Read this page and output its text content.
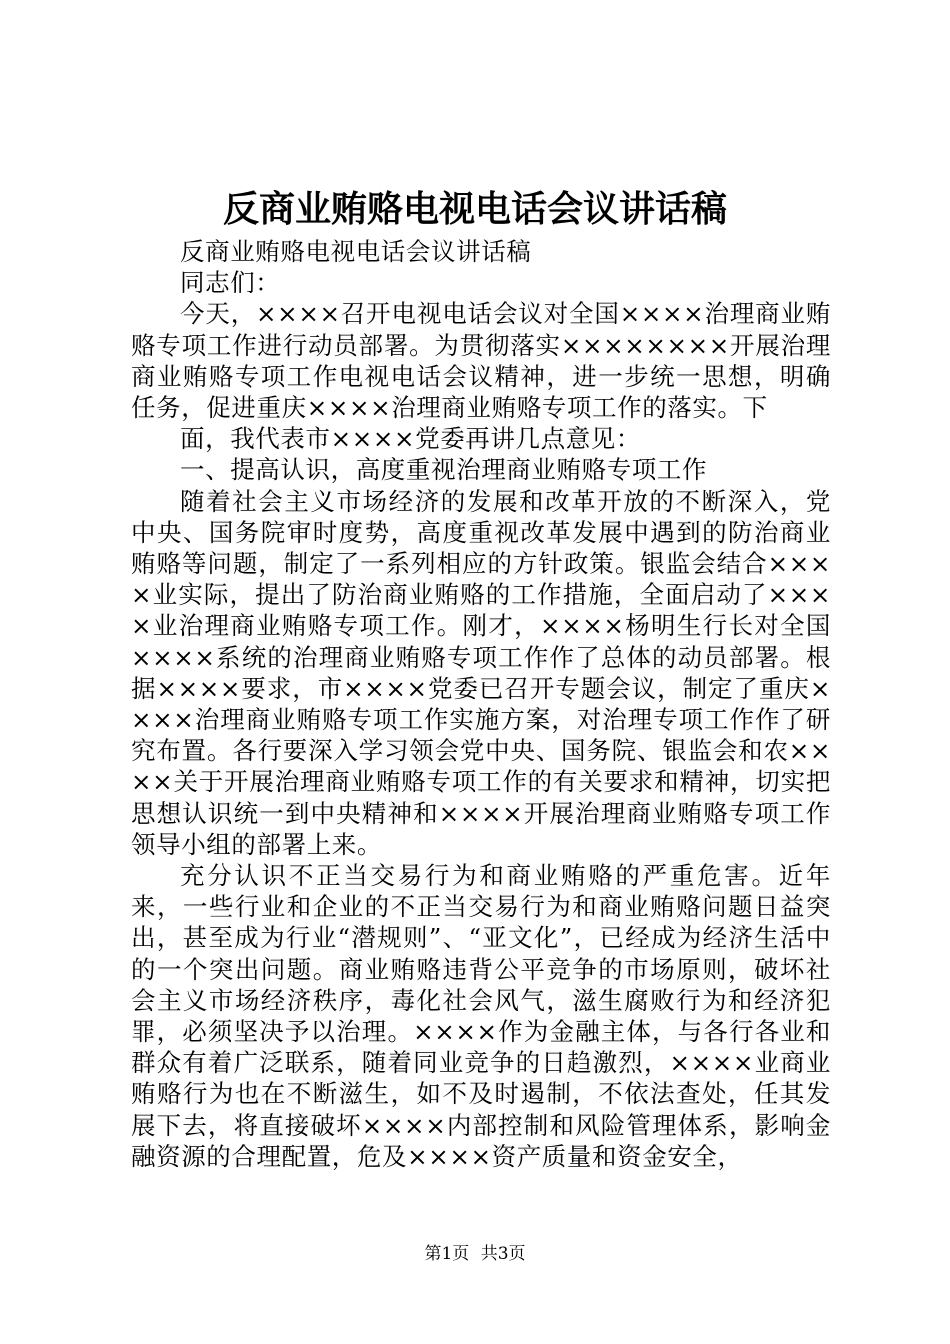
反商业贿赂电视电话会议讲话稿

反商业贿赂电视电话会议讲话稿

同志们：

今天，××××召开电视电话会议对全国××××治理商业贿赂专项工作进行动员部署。为贯彻落实××××××××开展治理商业贿赂专项工作电视电话会议精神，进一步统一思想，明确任务，促进重庆××××治理商业贿赂专项工作的落实。下

面，我代表市××××党委再讲几点意见：

一、提高认识，高度重视治理商业贿赂专项工作

随着社会主义市场经济的发展和改革开放的不断深入，党中央、国务院审时度势，高度重视改革发展中遇到的防治商业贿赂等问题，制定了一系列相应的方针政策。银监会结合××××业实际，提出了防治商业贿赂的工作措施，全面启动了××××业治理商业贿赂专项工作。刚才，××××杨明生行长对全国××××系统的治理商业贿赂专项工作作了总体的动员部署。根据××××要求，市××××党委已召开专题会议，制定了重庆××××治理商业贿赂专项工作实施方案，对治理专项工作作了研究布置。各行要深入学习领会党中央、国务院、银监会和农××××关于开展治理商业贿赂专项工作的有关要求和精神，切实把思想认识统一到中央精神和××××开展治理商业贿赂专项工作领导小组的部署上来。

充分认识不正当交易行为和商业贿赂的严重危害。近年来，一些行业和企业的不正当交易行为和商业贿赂问题日益突出，甚至成为行业“潜规则”、“亚文化”，已经成为经济生活中的一个突出问题。商业贿赂违背公平竞争的市场原则，破坏社会主义市场经济秩序，毒化社会风气，滋生腐败行为和经济犯罪，必须坚决予以治理。××××作为金融主体，与各行各业和群众有着广泛联系，随着同业竞争的日趋激烈，××××业商业贿赂行为也在不断滋生，如不及时遏制，不依法查处，任其发展下去，将直接破坏××××内部控制和风险管理体系，影响金融资源的合理配置，危及××××资产质量和资金安全，

第1页 共3页
